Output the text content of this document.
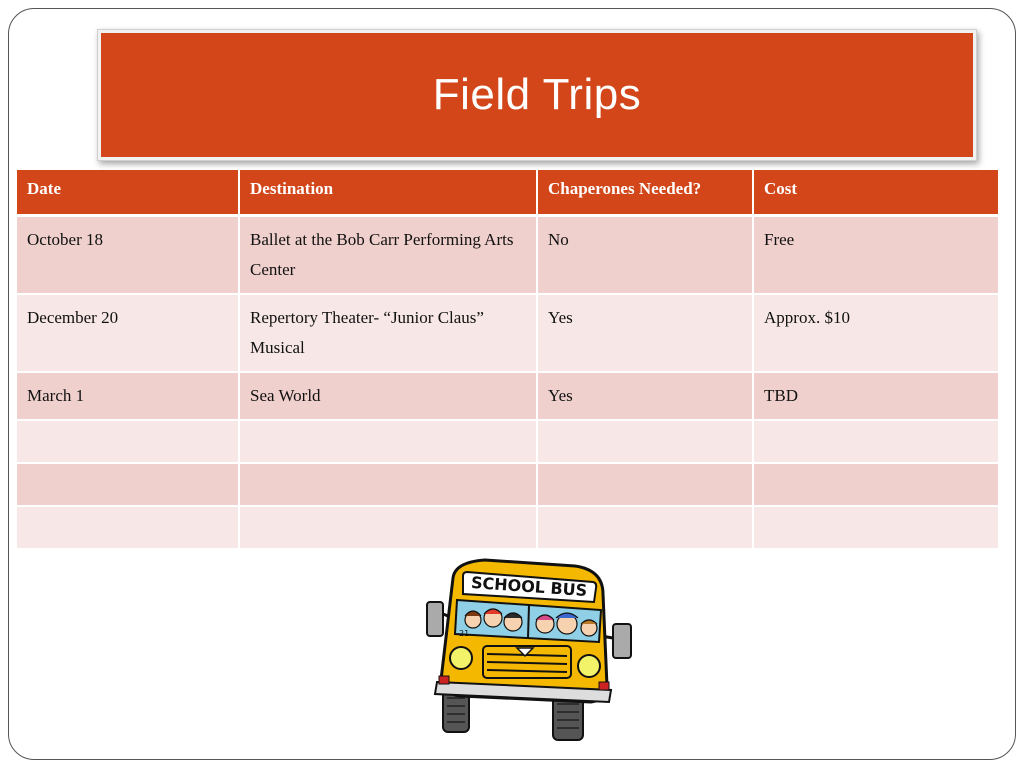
Field Trips
Date	Destination	Chaperones Needed?	Cost
October 18	Ballet at the Bob Carr Performing Arts Center	No	Free
December 20	Repertory Theater- “Junior Claus” Musical	Yes	Approx. $10
March 1	Sea World	Yes	TBD

SCHOOL BUS
21
